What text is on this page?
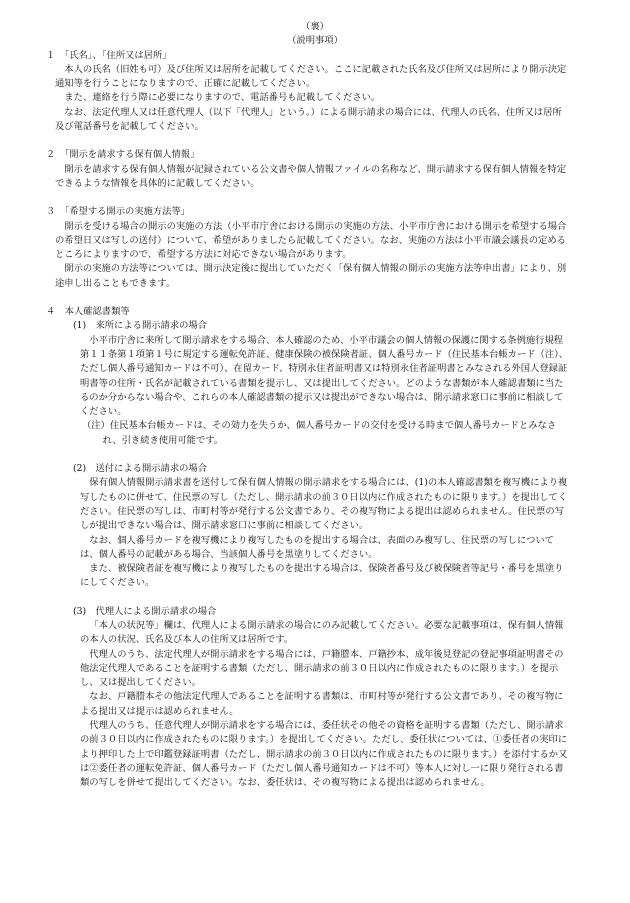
（裏）
（説明事項）
１　「氏名」、「住所又は居所」
本人の氏名（旧姓も可）及び住所又は居所を記載してください。ここに記載された氏名及び住所又は居所により開示決定通知等を行うことになりますので、正確に記載してください。
また、連絡を行う際に必要になりますので、電話番号も記載してください。
なお、法定代理人又は任意代理人（以下「代理人」という。）による開示請求の場合には、代理人の氏名、住所又は居所及び電話番号を記載してください。
２　「開示を請求する保有個人情報」
開示を請求する保有個人情報が記録されている公文書や個人情報ファイルの名称など、開示請求する保有個人情報を特定できるような情報を具体的に記載してください。
３　「希望する開示の実施方法等」
開示を受ける場合の開示の実施の方法（小平市庁舎における開示の実施の方法、小平市庁舎における開示を希望する場合の希望日又は写しの送付）について、希望がありましたら記載してください。なお、実施の方法は小平市議会議長の定めるところによりますので、希望する方法に対応できない場合があります。
開示の実施の方法等については、開示決定後に提出していただく「保有個人情報の開示の実施方法等申出書」により、別途申し出ることもできます。
４　本人確認書類等
(1)　来所による開示請求の場合
小平市庁舎に来所して開示請求をする場合、本人確認のため、小平市議会の個人情報の保護に関する条例施行規程第１１条第１項第１号に規定する運転免許証、健康保険の被保険者証、個人番号カード（住民基本台帳カード（注）、ただし個人番号通知カードは不可）、在留カード、特別永住者証明書又は特別永住者証明書とみなされる外国人登録証明書等の住所・氏名が記載されている書類を提示し、又は提出してください。どのような書類が本人確認書類に当たるのか分からない場合や、これらの本人確認書類の提示又は提出ができない場合は、開示請求窓口に事前に相談してください。
（注）住民基本台帳カードは、その効力を失うか、個人番号カードの交付を受ける時まで個人番号カードとみなされ、引き続き使用可能です。
(2)　送付による開示請求の場合
保有個人情報開示請求書を送付して保有個人情報の開示請求をする場合には、(1)の本人確認書類を複写機により複写したものに併せて、住民票の写し（ただし、開示請求の前３０日以内に作成されたものに限ります。）を提出してください。住民票の写しは、市町村等が発行する公文書であり、その複写物による提出は認められません。住民票の写しが提出できない場合は、開示請求窓口に事前に相談してください。
なお、個人番号カードを複写機により複写したものを提出する場合は、表面のみ複写し、住民票の写しについては、個人番号の記載がある場合、当該個人番号を黒塗りしてください。
また、被保険者証を複写機により複写したものを提出する場合は、保険者番号及び被保険者等記号・番号を黒塗りにしてください。
(3)　代理人による開示請求の場合
「本人の状況等」欄は、代理人による開示請求の場合にのみ記載してください。必要な記載事項は、保有個人情報の本人の状況、氏名及び本人の住所又は居所です。
代理人のうち、法定代理人が開示請求をする場合には、戸籍謄本、戸籍抄本、成年後見登記の登記事項証明書その他法定代理人であることを証明する書類（ただし、開示請求の前３０日以内に作成されたものに限ります。）を提示し、又は提出してください。
なお、戸籍謄本その他法定代理人であることを証明する書類は、市町村等が発行する公文書であり、その複写物による提出又は提示は認められません。
代理人のうち、任意代理人が開示請求をする場合には、委任状その他その資格を証明する書類（ただし、開示請求の前３０日以内に作成されたものに限ります。）を提出してください。ただし、委任状については、①委任者の実印により押印した上で印鑑登録証明書（ただし、開示請求の前３０日以内に作成されたものに限ります。）を添付するか又は②委任者の運転免許証、個人番号カード（ただし個人番号通知カードは不可）等本人に対し一に限り発行される書類の写しを併せて提出してください。なお、委任状は、その複写物による提出は認められません。
